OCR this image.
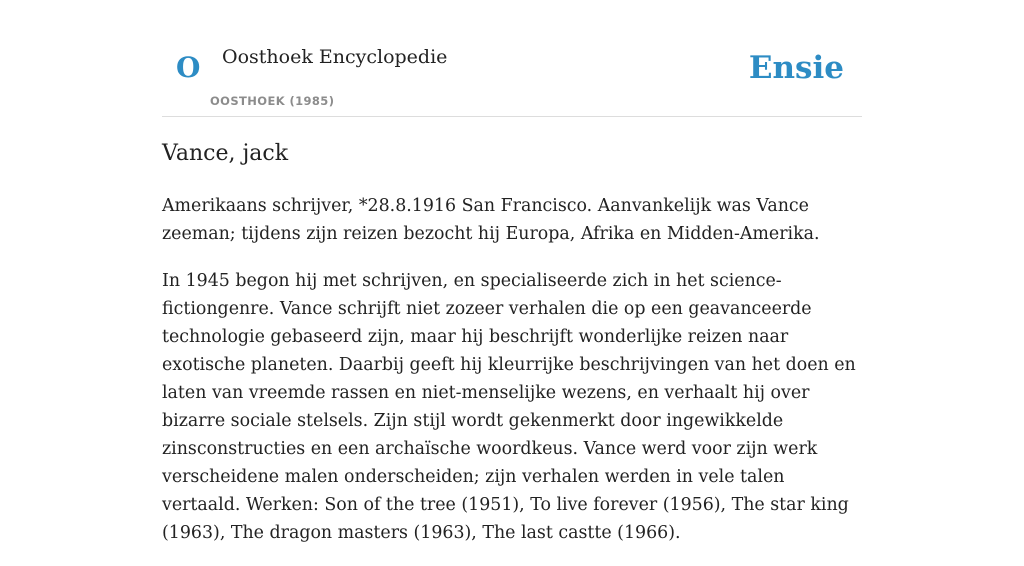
O Oosthoek Encyclopedie
OOSTHOEK (1985)
Ensie
Vance, jack

Amerikaans schrijver, *28.8.1916 San Francisco. Aanvankelijk was Vance zeeman; tijdens zijn reizen bezocht hij Europa, Afrika en Midden-Amerika.

In 1945 begon hij met schrijven, en specialiseerde zich in het science-fictiongenre. Vance schrijft niet zozeer verhalen die op een geavanceerde technologie gebaseerd zijn, maar hij beschrijft wonderlijke reizen naar exotische planeten. Daarbij geeft hij kleurrijke beschrijvingen van het doen en laten van vreemde rassen en niet-menselijke wezens, en verhaalt hij over bizarre sociale stelsels. Zijn stijl wordt gekenmerkt door ingewikkelde zinsconstructies en een archaïsche woordkeus. Vance werd voor zijn werk verscheidene malen onderscheiden; zijn verhalen werden in vele talen vertaald. Werken: Son of the tree (1951), To live forever (1956), The star king (1963), The dragon masters (1963), The last castte (1966).
